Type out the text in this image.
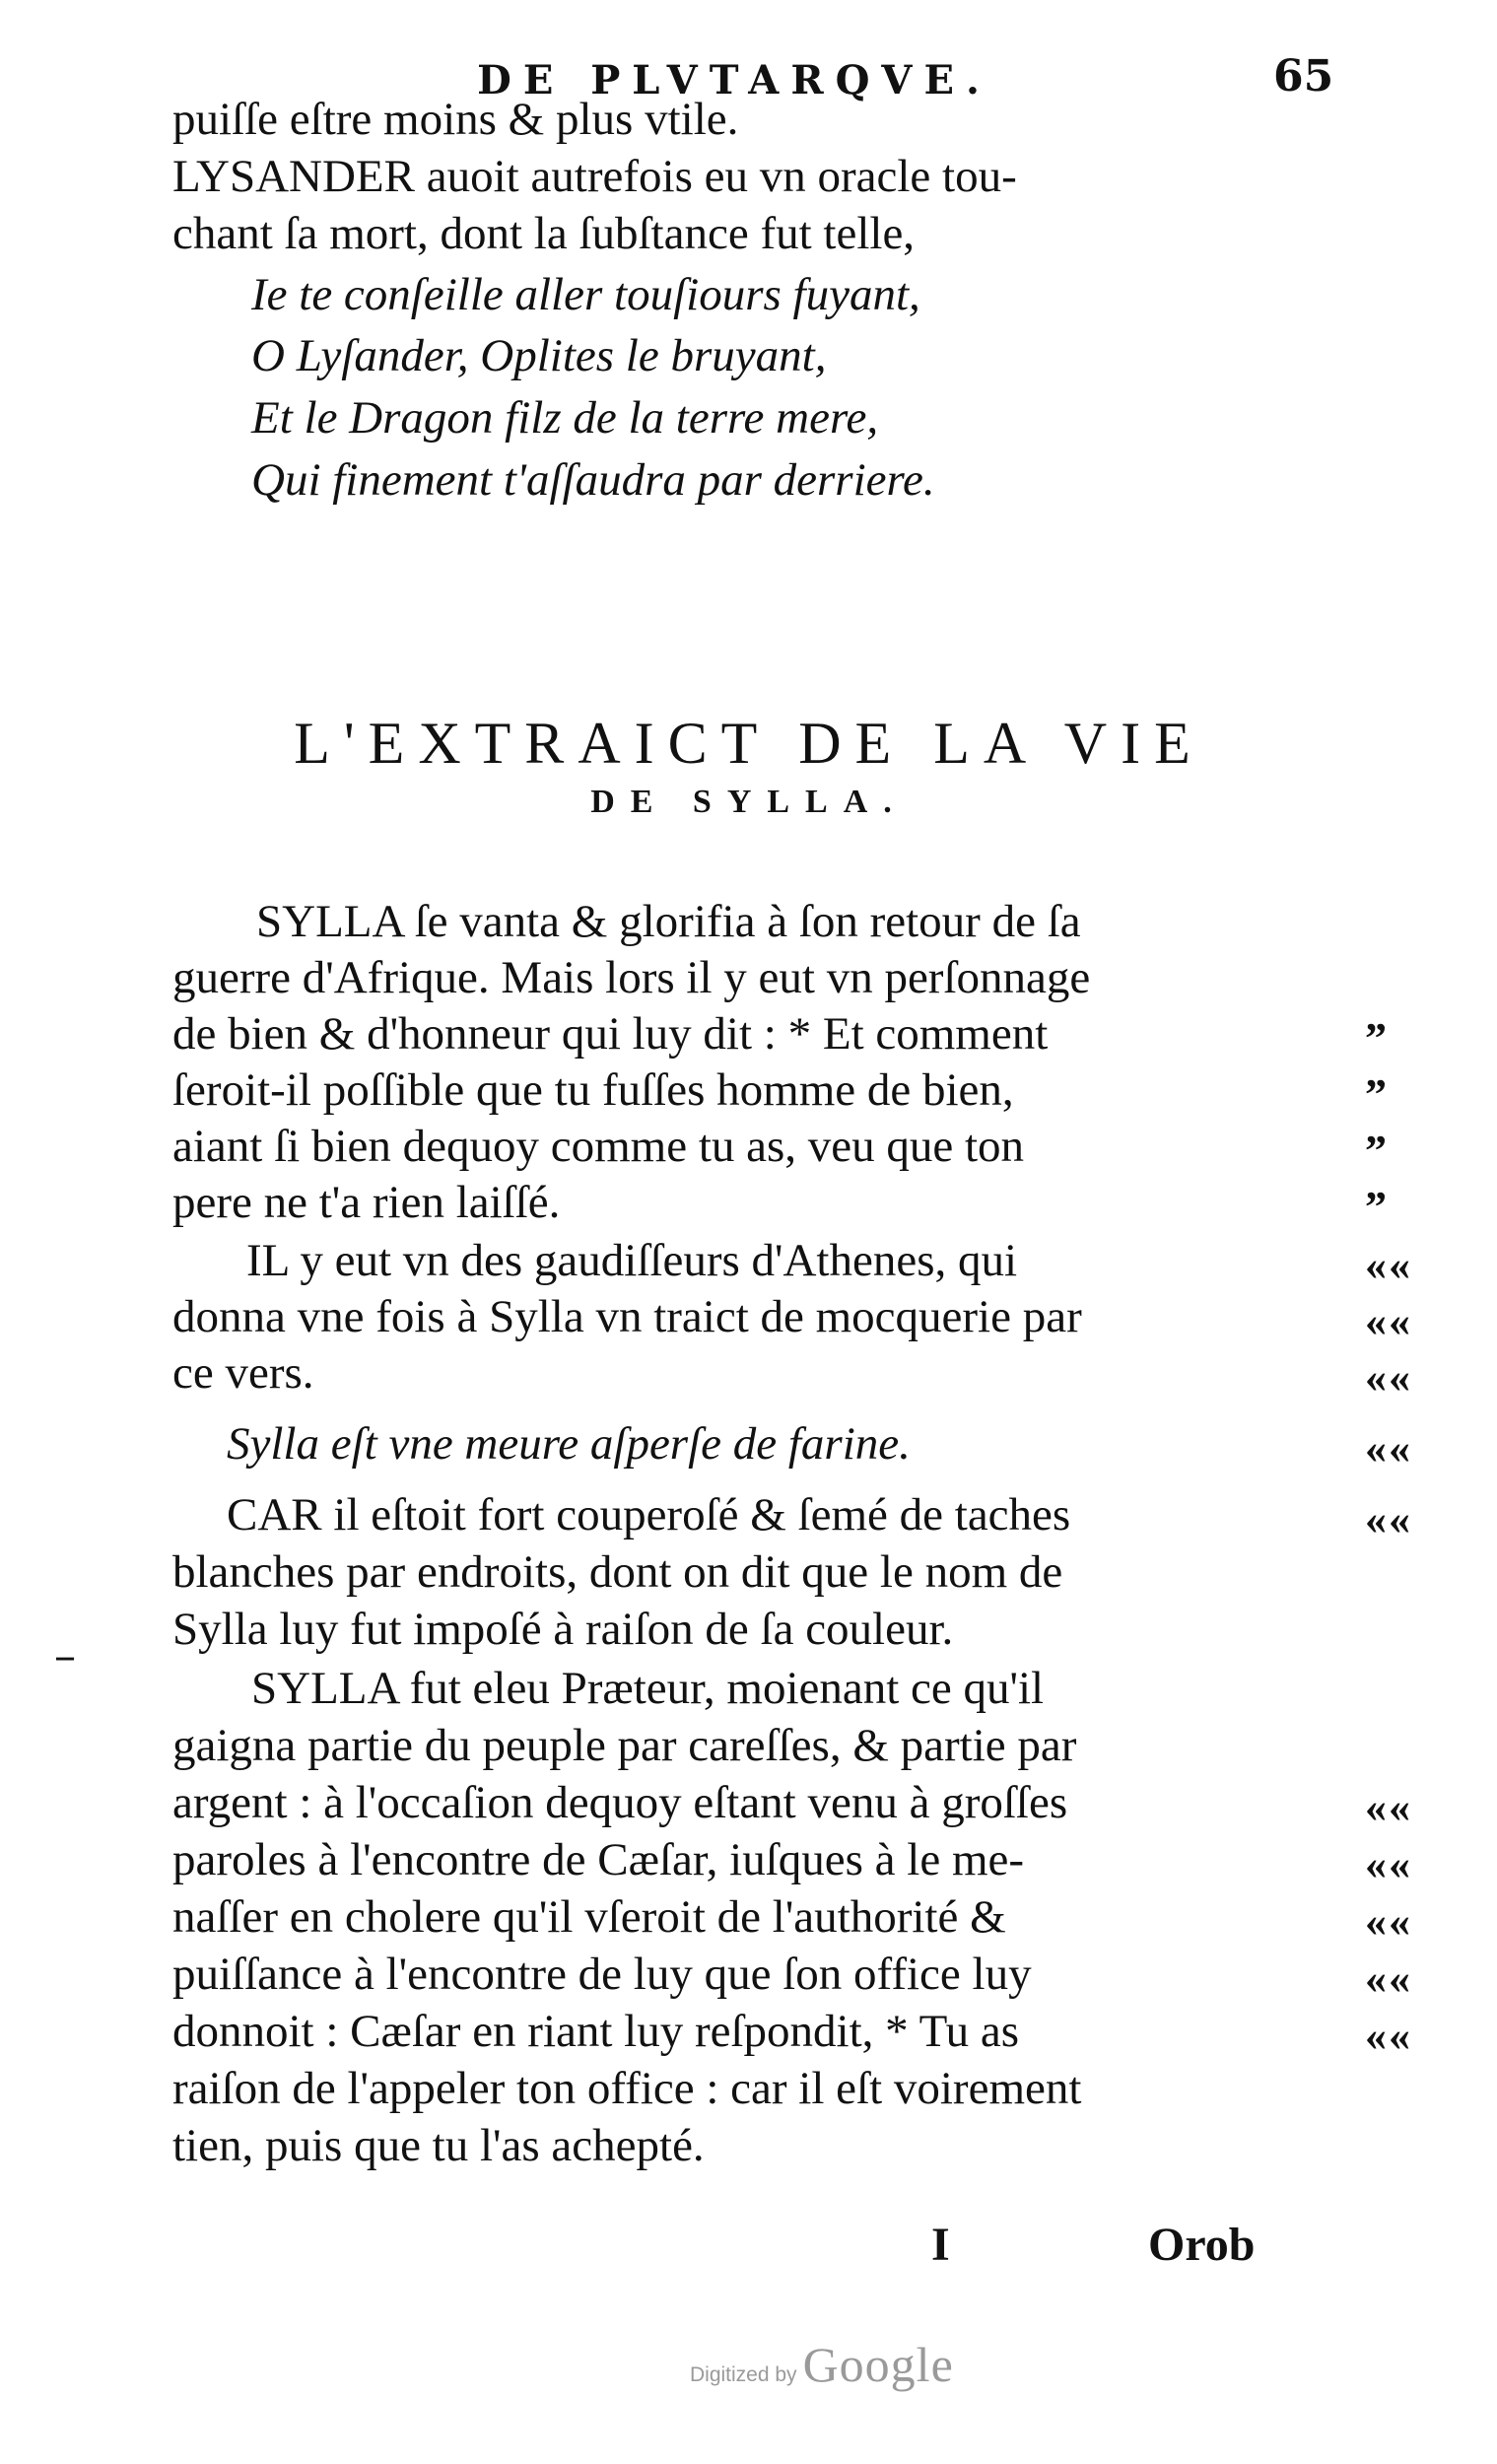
DE PLVTARQVE.	65
puiſſe eſtre moins & plus vtile.
LYSANDER auoit autrefois eu vn oracle tou-
chant ſa mort, dont la ſubſtance fut telle,
Ie te conſeille aller touſiours fuyant,
O Lyſander, Oplites le bruyant,
Et le Dragon filz de la terre mere,
Qui finement t'aſſaudra par derriere.
L'EXTRAICT DE LA VIE
DE SYLLA.
SYLLA ſe vanta & glorifia à ſon retour de ſa
guerre d'Afrique. Mais lors il y eut vn perſonnage
de bien & d'honneur qui luy dit : * Et comment
ſeroit-il poſſible que tu fuſſes homme de bien,
aiant ſi bien dequoy comme tu as, veu que ton
pere ne t'a rien laiſſé.
IL y eut vn des gaudiſſeurs d'Athenes, qui
donna vne fois à Sylla vn traict de mocquerie par
ce vers.
Sylla eſt vne meure aſperſe de farine.
CAR il eſtoit fort couperoſé & ſemé de taches
blanches par endroits, dont on dit que le nom de
Sylla luy fut impoſé à raiſon de ſa couleur.
SYLLA fut eleu Præteur, moienant ce qu'il
gaigna partie du peuple par careſſes, & partie par
argent : à l'occaſion dequoy eſtant venu à groſſes
paroles à l'encontre de Cæſar, iuſques à le me-
naſſer en cholere qu'il vſeroit de l'authorité &
puiſſance à l'encontre de luy que ſon office luy
donnoit : Cæſar en riant luy reſpondit, * Tu as
raiſon de l'appeler ton office : car il eſt voirement
tien, puis que tu l'as achepté.
”
”
”
”
««
««
««
««
««
««
««
««
««
««
–
I	Orob
Digitized by Google
